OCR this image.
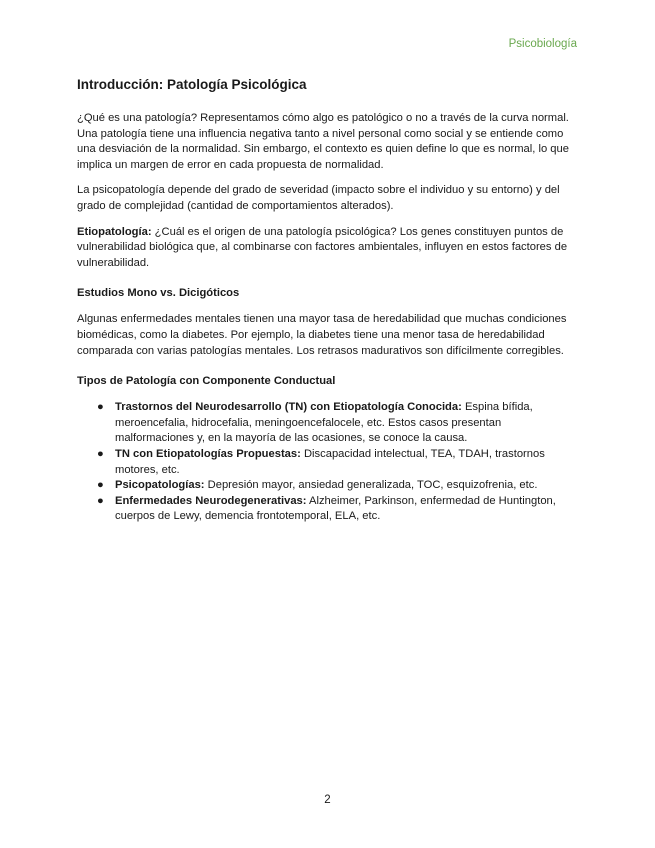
Psicobiología
Introducción: Patología Psicológica

¿Qué es una patología? Representamos cómo algo es patológico o no a través de la curva normal. Una patología tiene una influencia negativa tanto a nivel personal como social y se entiende como una desviación de la normalidad. Sin embargo, el contexto es quien define lo que es normal, lo que implica un margen de error en cada propuesta de normalidad.

La psicopatología depende del grado de severidad (impacto sobre el individuo y su entorno) y del grado de complejidad (cantidad de comportamientos alterados).

Etiopatología: ¿Cuál es el origen de una patología psicológica? Los genes constituyen puntos de vulnerabilidad biológica que, al combinarse con factores ambientales, influyen en estos factores de vulnerabilidad.

Estudios Mono vs. Dicigóticos

Algunas enfermedades mentales tienen una mayor tasa de heredabilidad que muchas condiciones biomédicas, como la diabetes. Por ejemplo, la diabetes tiene una menor tasa de heredabilidad comparada con varias patologías mentales. Los retrasos madurativos son difícilmente corregibles.

Tipos de Patología con Componente Conductual
● Trastornos del Neurodesarrollo (TN) con Etiopatología Conocida: Espina bífida, meroencefalia, hidrocefalia, meningoencefalocele, etc. Estos casos presentan malformaciones y, en la mayoría de las ocasiones, se conoce la causa.
● TN con Etiopatologías Propuestas: Discapacidad intelectual, TEA, TDAH, trastornos motores, etc.
● Psicopatologías: Depresión mayor, ansiedad generalizada, TOC, esquizofrenia, etc.
● Enfermedades Neurodegenerativas: Alzheimer, Parkinson, enfermedad de Huntington, cuerpos de Lewy, demencia frontotemporal, ELA, etc.
2
